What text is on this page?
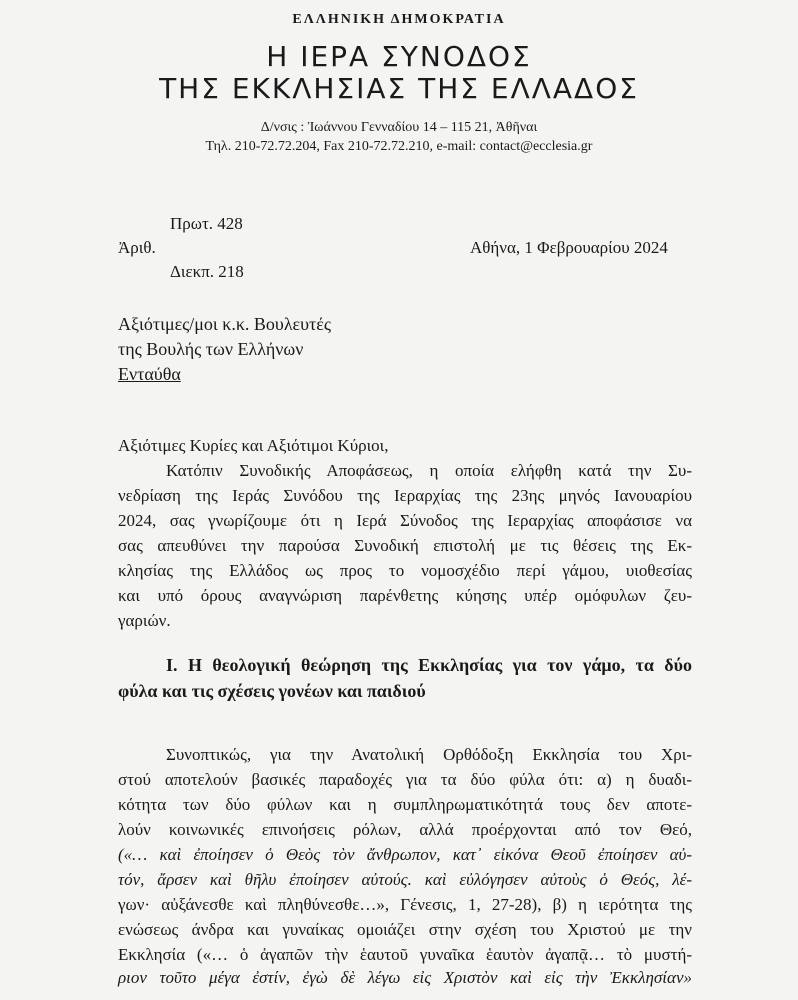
ΕΛΛΗΝΙΚΗ ΔΗΜΟΚΡΑΤΙΑ
Η ΙΕΡΑ ΣΥΝΟΔΟΣ
ΤΗΣ ΕΚΚΛΗΣΙΑΣ ΤΗΣ ΕΛΛΑΔΟΣ
Δ/νσις : Ἰωάννου Γενναδίου 14 – 115 21, Ἀθῆναι
Τηλ. 210-72.72.204, Fax 210-72.72.210, e-mail: contact@ecclesia.gr
Πρωτ. 428
Ἀριθ.	Αθήνα, 1 Φεβρουαρίου 2024
Διεκπ. 218
Αξιότιμες/μοι κ.κ. Βουλευτές
της Βουλής των Ελλήνων
Ενταύθα
Αξιότιμες Κυρίες και Αξιότιμοι Κύριοι,
Κατόπιν Συνοδικής Αποφάσεως, η οποία ελήφθη κατά την Συ-
νεδρίαση της Ιεράς Συνόδου της Ιεραρχίας της 23ης μηνός Ιανουαρίου
2024, σας γνωρίζουμε ότι η Ιερά Σύνοδος της Ιεραρχίας αποφάσισε να
σας απευθύνει την παρούσα Συνοδική επιστολή με τις θέσεις της Εκ-
κλησίας της Ελλάδος ως προς το νομοσχέδιο περί γάμου, υιοθεσίας
και υπό όρους αναγνώριση παρένθετης κύησης υπέρ ομόφυλων ζευ-
γαριών.
Ι. Η θεολογική θεώρηση της Εκκλησίας για τον γάμο, τα δύο
φύλα και τις σχέσεις γονέων και παιδιού
Συνοπτικώς, για την Ανατολική Ορθόδοξη Εκκλησία του Χρι-
στού αποτελούν βασικές παραδοχές για τα δύο φύλα ότι: α) η δυαδι-
κότητα των δύο φύλων και η συμπληρωματικότητά τους δεν αποτε-
λούν κοινωνικές επινοήσεις ρόλων, αλλά προέρχονται από τον Θεό,
(«… καὶ ἐποίησεν ὁ Θεὸς τὸν ἄνθρωπον, κατ᾽ εἰκόνα Θεοῦ ἐποίησεν αὐ-
τόν, ἄρσεν καὶ θῆλυ ἐποίησεν αὐτούς. καὶ εὐλόγησεν αὐτοὺς ὁ Θεός, λέ-
γων· αὐξάνεσθε καὶ πληθύνεσθε…», Γένεσις, 1, 27-28), β) η ιερότητα της
ενώσεως άνδρα και γυναίκας ομοιάζει στην σχέση του Χριστού με την
Εκκλησία («… ὁ ἀγαπῶν τὴν ἑαυτοῦ γυναῖκα ἑαυτὸν ἀγαπᾷ… τὸ μυστή-
ριον τοῦτο μέγα ἐστίν, ἐγὼ δὲ λέγω εἰς Χριστὸν καὶ εἰς τὴν Ἐκκλησίαν»
